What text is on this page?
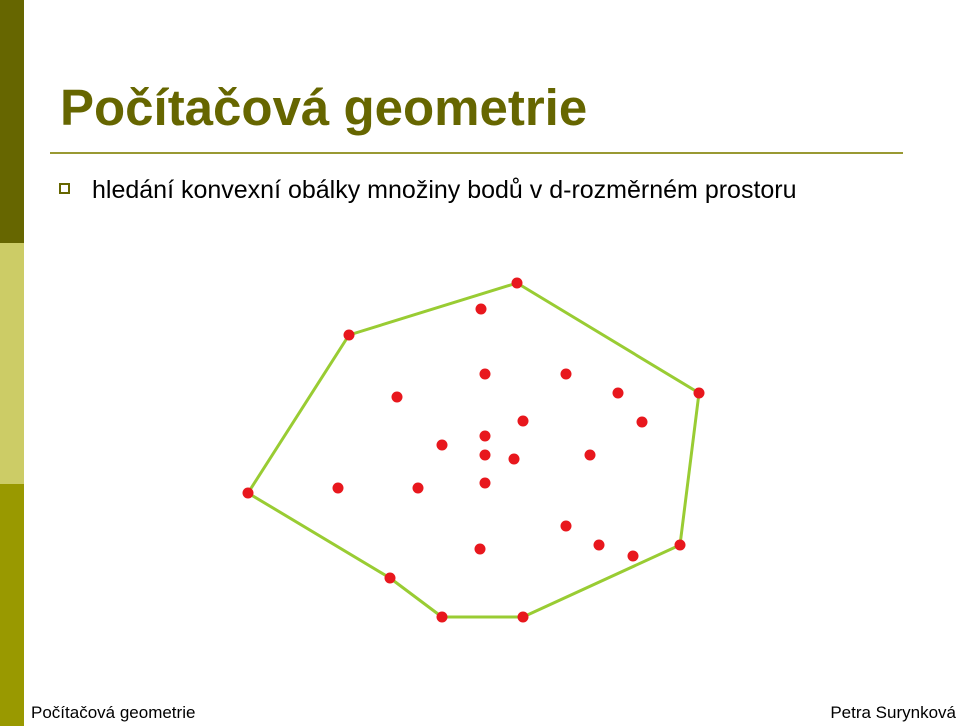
Počítačová geometrie
hledání konvexní obálky množiny bodů v d-rozměrném prostoru
Počítačová geometrie	Petra Surynková
